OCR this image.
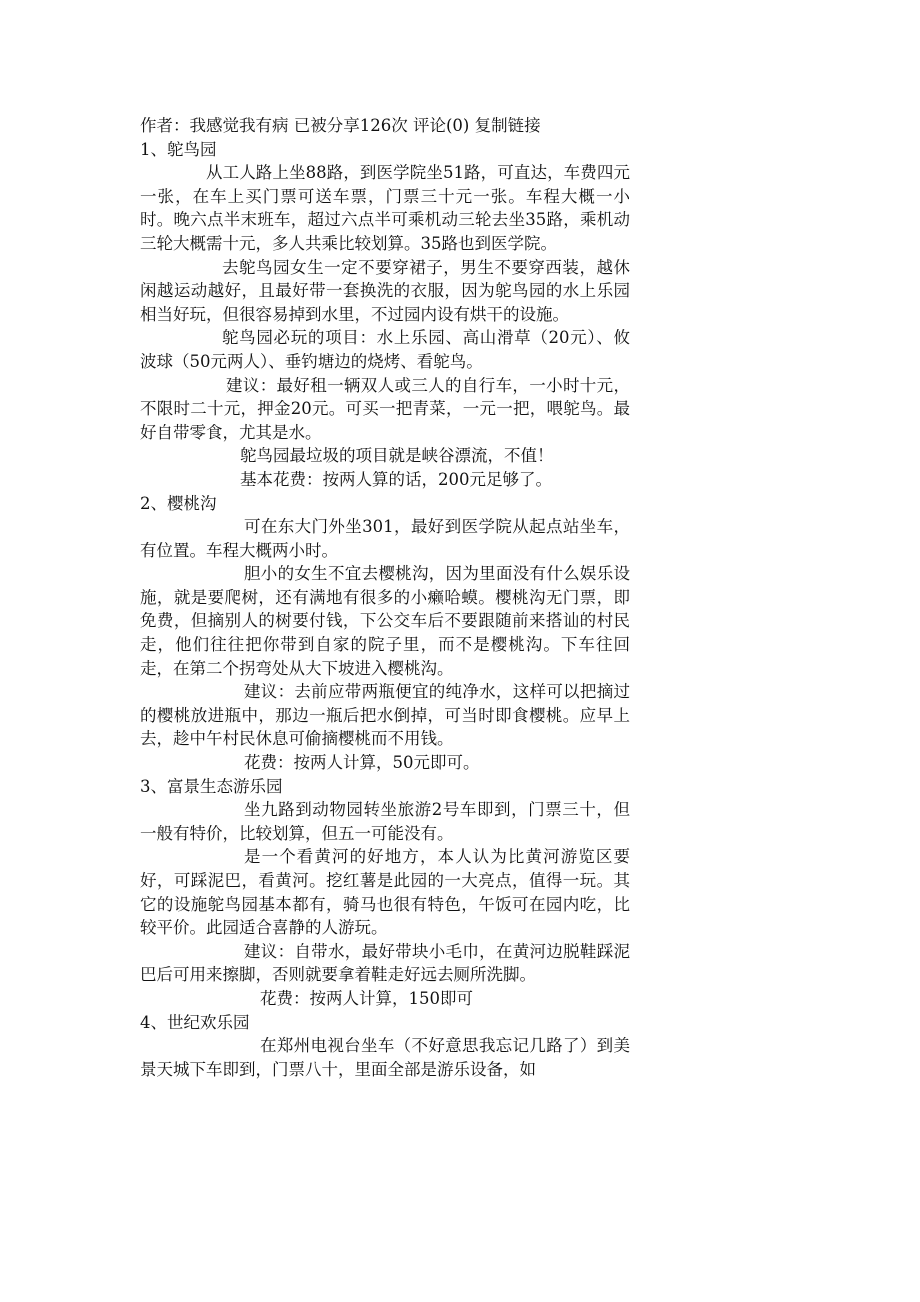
作者：我感觉我有病 已被分享126次 评论(0) 复制链接
1、鸵鸟园

从工人路上坐88路，到医学院坐51路，可直达，车费四元一张，在车上买门票可送车票，门票三十元一张。车程大概一小时。晚六点半末班车，超过六点半可乘机动三轮去坐35路，乘机动三轮大概需十元，多人共乘比较划算。35路也到医学院。

去鸵鸟园女生一定不要穿裙子，男生不要穿西装，越休闲越运动越好，且最好带一套换洗的衣服，因为鸵鸟园的水上乐园相当好玩，但很容易掉到水里，不过园内设有烘干的设施。

鸵鸟园必玩的项目：水上乐园、高山滑草（20元）、攸波球（50元两人）、垂钓塘边的烧烤、看鸵鸟。

建议：最好租一辆双人或三人的自行车，一小时十元，不限时二十元，押金20元。可买一把青菜，一元一把，喂鸵鸟。最好自带零食，尤其是水。

鸵鸟园最垃圾的项目就是峡谷漂流，不值！

基本花费：按两人算的话，200元足够了。

2、樱桃沟

可在东大门外坐301，最好到医学院从起点站坐车，有位置。车程大概两小时。

胆小的女生不宜去樱桃沟，因为里面没有什么娱乐设施，就是要爬树，还有满地有很多的小癞哈蟆。樱桃沟无门票，即免费，但摘别人的树要付钱，下公交车后不要跟随前来搭讪的村民走，他们往往把你带到自家的院子里，而不是樱桃沟。下车往回走，在第二个拐弯处从大下坡进入樱桃沟。

建议：去前应带两瓶便宜的纯净水，这样可以把摘过的樱桃放进瓶中，那边一瓶后把水倒掉，可当时即食樱桃。应早上去，趁中午村民休息可偷摘樱桃而不用钱。

花费：按两人计算，50元即可。

3、富景生态游乐园

坐九路到动物园转坐旅游2号车即到，门票三十，但一般有特价，比较划算，但五一可能没有。

是一个看黄河的好地方，本人认为比黄河游览区要好，可踩泥巴，看黄河。挖红薯是此园的一大亮点，值得一玩。其它的设施鸵鸟园基本都有，骑马也很有特色，午饭可在园内吃，比较平价。此园适合喜静的人游玩。

建议：自带水，最好带块小毛巾，在黄河边脱鞋踩泥巴后可用来擦脚，否则就要拿着鞋走好远去厕所洗脚。

花费：按两人计算，150即可

4、世纪欢乐园

在郑州电视台坐车（不好意思我忘记几路了）到美景天城下车即到，门票八十，里面全部是游乐设备，如
